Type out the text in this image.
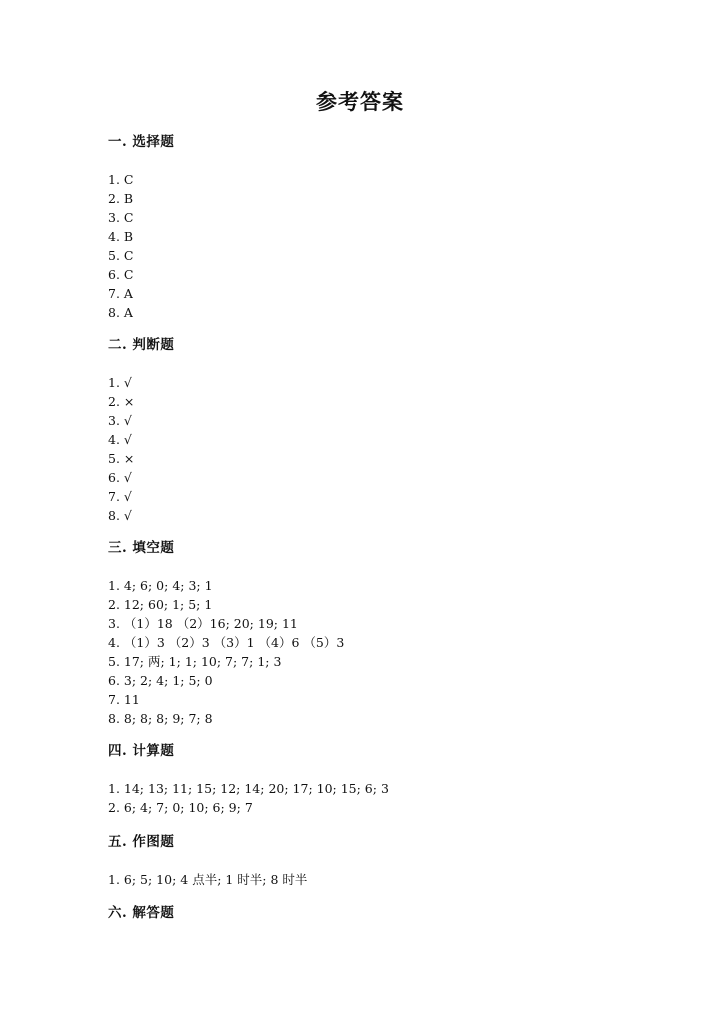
参考答案
一. 选择题
1. C
2. B
3. C
4. B
5. C
6. C
7. A
8. A
二. 判断题
1. √
2. ×
3. √
4. √
5. ×
6. √
7. √
8. √
三. 填空题
1. 4; 6; 0; 4; 3; 1
2. 12; 60; 1; 5; 1
3. （1）18 （2）16; 20; 19; 11
4. （1）3 （2）3 （3）1 （4）6 （5）3
5. 17; 两; 1; 1; 10; 7; 7; 1; 3
6. 3; 2; 4; 1; 5; 0
7. 11
8. 8; 8; 8; 9; 7; 8
四. 计算题
1. 14; 13; 11; 15; 12; 14; 20; 17; 10; 15; 6; 3
2. 6; 4; 7; 0; 10; 6; 9; 7
五. 作图题
1. 6; 5; 10; 4 点半; 1 时半; 8 时半
六. 解答题
